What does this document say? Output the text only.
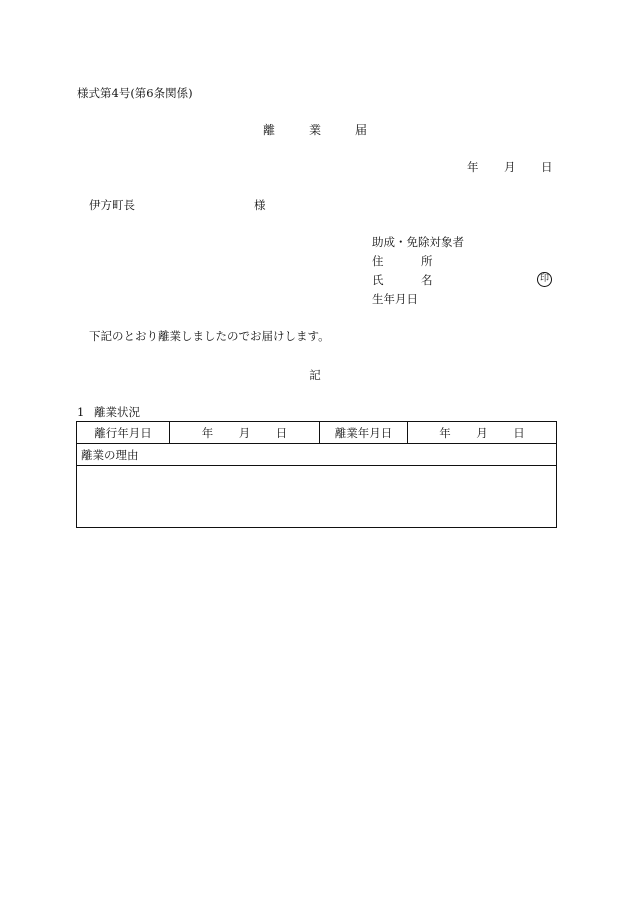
様式第4号(第6条関係)
離	業	届
年 月 日
伊方町長	様
助成・免除対象者
住	所
氏	名
生年月日
印
下記のとおり離業しましたのでお届けします。
記
1 離業状況
離行年月日	年 月 日	離業年月日	年 月 日
離業の理由
